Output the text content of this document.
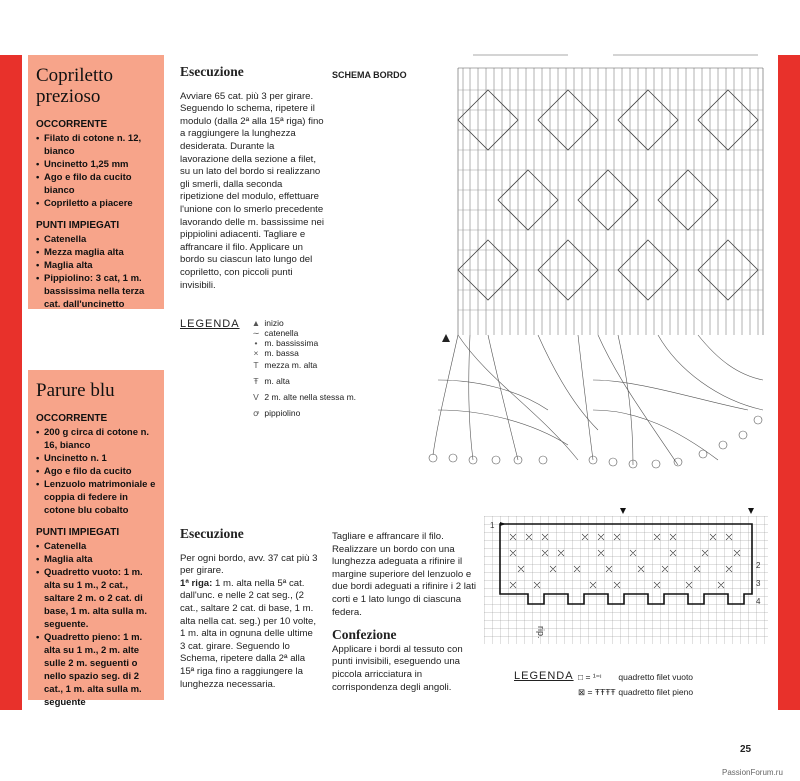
Copriletto prezioso
OCCORRENTE
• Filato di cotone n. 12, bianco
• Uncinetto 1,25 mm
• Ago e filo da cucito bianco
• Copriletto a piacere
PUNTI IMPIEGATI
• Catenella
• Mezza maglia alta
• Maglia alta
• Pippiolino: 3 cat, 1 m. bassissima nella terza cat. dall'uncinetto
Parure blu
OCCORRENTE
• 200 g circa di cotone n. 16, bianco
• Uncinetto n. 1
• Ago e filo da cucito
• Lenzuolo matrimoniale e coppia di federe in cotone blu cobalto
PUNTI IMPIEGATI
• Catenella
• Maglia alta
• Quadretto vuoto: 1 m. alta su 1 m., 2 cat., saltare 2 m. o 2 cat. di base, 1 m. alta sulla m. seguente.
• Quadretto pieno: 1 m. alta su 1 m., 2 m. alte sulle 2 m. seguenti o nello spazio seg. di 2 cat., 1 m. alta sulla m. seguente
Esecuzione
Avviare 65 cat. più 3 per girare. Seguendo lo schema, ripetere il modulo (dalla 2ª alla 15ª riga) fino a raggiungere la lunghezza desiderata. Durante la lavorazione della sezione a filet, su un lato del bordo si realizzano gli smerli, dalla seconda ripetizione del modulo, effettuare l'unione con lo smerlo precedente lavorando delle m. bassissime nei pippiolini adiacenti. Tagliare e affrancare il filo. Applicare un bordo su ciascun lato lungo del copriletto, con piccoli punti invisibili.
SCHEMA BORDO
LEGENDA ▲ inizio
∼ catenella
• m. bassissima
× m. bassa
T mezza m. alta
Ŧ m. alta
V 2 m. alte nella stessa m.
ꝍ pippiolino
Esecuzione
Per ogni bordo, avv. 37 cat più 3 per girare.
1ª riga: 1 m. alta nella 5ª cat. dall'unc. e nelle 2 cat seg., (2 cat., saltare 2 cat. di base, 1 m. alta nella cat. seg.) per 10 volte, 1 m. alta in ognuna delle ultime 3 cat. girare. Seguendo lo Schema, ripetere dalla 2ª alla 15ª riga fino a raggiungere la lunghezza necessaria.
Tagliare e affrancare il filo. Realizzare un bordo con una lunghezza adeguata a rifinire il margine superiore del lenzuolo e due bordi adeguati a rifinire i 2 lati corti e 1 lato lungo di ciascuna federa.
Confezione
Applicare i bordi al tessuto con punti invisibili, eseguendo una piccola arricciatura in corrispondenza degli angoli.
1
2
3
4
rip.
LEGENDA □ = ¹⁼ᶦ quadretto filet vuoto
⊠ = ŦŦŦŦ quadretto filet pieno
25
PassionForum.ru
